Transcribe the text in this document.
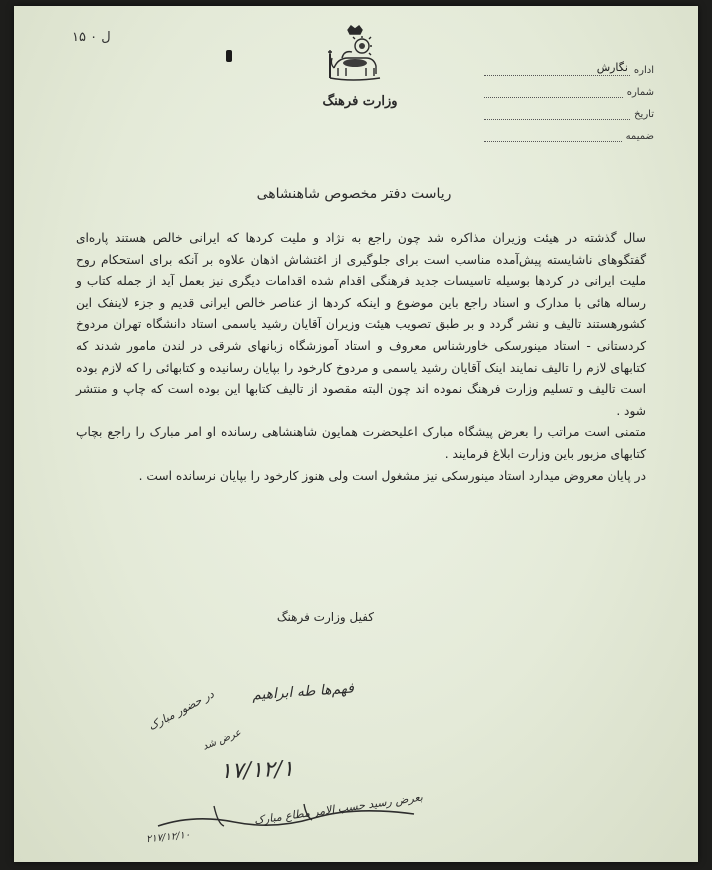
ل ۰ ۱۵
وزارت فرهنگ
اداره
نگارش
شماره
تاریخ
ضمیمه
ریاست دفتر مخصوص شاهنشاهی

سال گذشته در هیئت وزیران مذاکره شد چون راجع به نژاد و ملیت کردها که ایرانی خالص هستند پاره‌ای گفتگوهای ناشایسته پیش‌آمده مناسب است برای جلوگیری از اغتشاش اذهان علاوه بر آنکه برای استحکام روح ملیت ایرانی در کردها بوسیله تاسیسات جدید فرهنگی اقدام شده اقدامات دیگری نیز بعمل آید از جمله کتاب و رساله هائی با مدارک و اسناد راجع باین موضوع و اینکه کردها از عناصر خالص ایرانی قدیم و جزء لاینفک این کشورهستند تالیف و نشر گردد و بر طبق تصویب هیئت وزیران آقایان رشید یاسمی استاد دانشگاه تهران مردوخ کردستانی - استاد مینورسکی خاورشناس معروف و استاد آموزشگاه زبانهای شرقی در لندن مامور شدند که کتابهای لازم را تالیف نمایند اینک آقایان رشید یاسمی و مردوخ کارخود را بپایان رسانیده و کتابهائی را که لازم بوده است تالیف و تسلیم وزارت فرهنگ نموده اند چون البته مقصود از تالیف کتابها این بوده است که چاپ و منتشر شود .

متمنی است مراتب را بعرض پیشگاه مبارک اعلیحضرت همایون شاهنشاهی رسانده او امر مبارک را راجع بچاپ کتابهای مزبور باین وزارت ابلاغ فرمایند .

در پایان معروض میدارد استاد مینورسکی نیز مشغول است ولی هنوز کارخود را بپایان نرسانده است .

کفیل وزارت فرهنگ
فهم‌ها طه ابراهیم
۱۷/۱۲/۱
در حضور مبارک
عرض شد
بعرض رسید حسب الامر مطاع مبارک
۲۱۷/۱۲/۱۰
